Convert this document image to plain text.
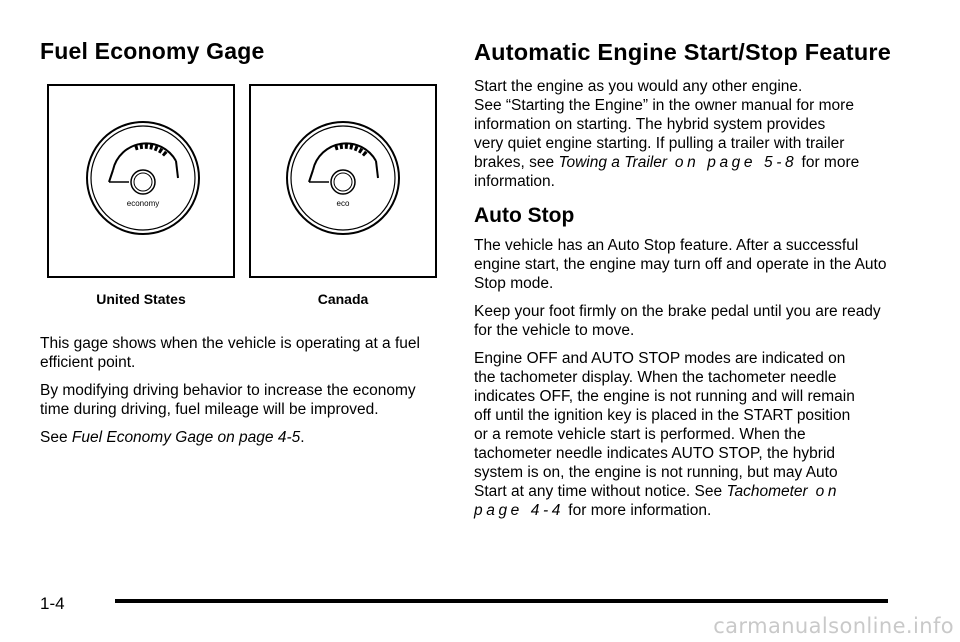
Fuel Economy Gage
economy
United States
eco
Canada

This gage shows when the vehicle is operating at a fuel efficient point.

By modifying driving behavior to increase the economy time during driving, fuel mileage will be improved.

See Fuel Economy Gage on page 4-5.

Automatic Engine Start/Stop Feature

Start the engine as you would any other engine.

See “Starting the Engine” in the owner manual for more

information on starting. The hybrid system provides

very quiet engine starting. If pulling a trailer with trailer

brakes, see Towing a Trailer on page 5-8 for more

information.

Auto Stop

The vehicle has an Auto Stop feature. After a successful engine start, the engine may turn off and operate in the Auto Stop mode.

Keep your foot firmly on the brake pedal until you are ready for the vehicle to move.

Engine OFF and AUTO STOP modes are indicated on

the tachometer display. When the tachometer needle

indicates OFF, the engine is not running and will remain

off until the ignition key is placed in the START position

or a remote vehicle start is performed. When the

tachometer needle indicates AUTO STOP, the hybrid

system is on, the engine is not running, but may Auto

Start at any time without notice. See Tachometer on

page 4-4 for more information.

1-4
carmanualsonline.info
